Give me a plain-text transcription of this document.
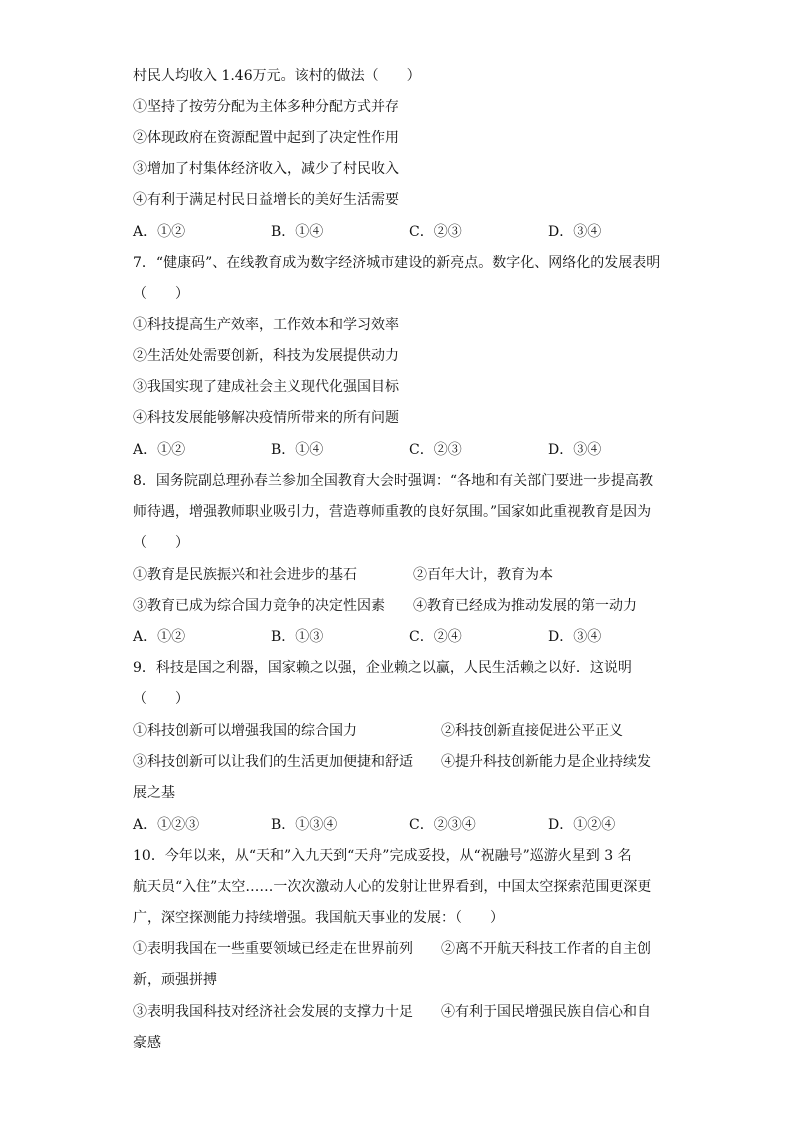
村民人均收入 1.46万元。该村的做法（　　）
①坚持了按劳分配为主体多种分配方式并存
②体现政府在资源配置中起到了决定性作用
③增加了村集体经济收入，减少了村民收入
④有利于满足村民日益增长的美好生活需要
A．①②	B．①④	C．②③	D．③④
7．“健康码”、在线教育成为数字经济城市建设的新亮点。数字化、网络化的发展表明
（　　）
①科技提高生产效率，工作效本和学习效率
②生活处处需要创新，科技为发展提供动力
③我国实现了建成社会主义现代化强国目标
④科技发展能够解决疫情所带来的所有问题
A．①②	B．①④	C．②③	D．③④
8．国务院副总理孙春兰参加全国教育大会时强调：“各地和有关部门要进一步提高教
师待遇，增强教师职业吸引力，营造尊师重教的良好氛围。”国家如此重视教育是因为
（　　）
①教育是民族振兴和社会进步的基石	②百年大计，教育为本
③教育已成为综合国力竞争的决定性因素 ④教育已经成为推动发展的第一动力
A．①②	B．①③	C．②④	D．③④
9．科技是国之利器，国家赖之以强，企业赖之以赢，人民生活赖之以好．这说明
（　　）
①科技创新可以增强我国的综合国力	②科技创新直接促进公平正义
③科技创新可以让我们的生活更加便捷和舒适 ④提升科技创新能力是企业持续发
展之基
A．①②③	B．①③④	C．②③④	D．①②④
10．今年以来，从“天和”入九天到“天舟”完成妥投，从“祝融号”巡游火星到 3 名
航天员“入住”太空……一次次激动人心的发射让世界看到，中国太空探索范围更深更
广，深空探测能力持续增强。我国航天事业的发展：（　　）
①表明我国在一些重要领域已经走在世界前列 ②离不开航天科技工作者的自主创
新，顽强拼搏
③表明我国科技对经济社会发展的支撑力十足 ④有利于国民增强民族自信心和自
豪感
